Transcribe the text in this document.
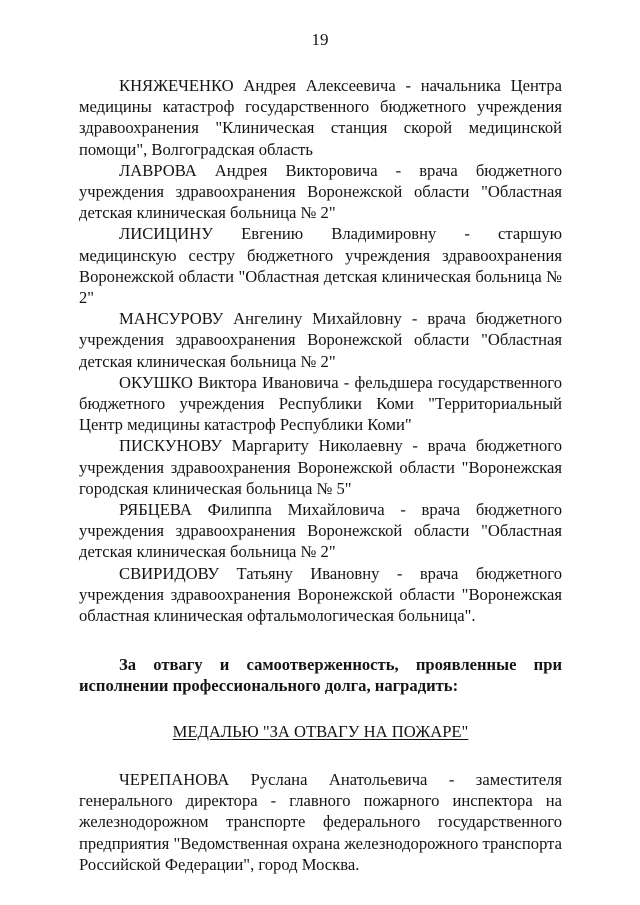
19

КНЯЖЕЧЕНКО Андрея Алексеевича - начальника Центра медицины катастроф государственного бюджетного учреждения здравоохранения "Клиническая станция скорой медицинской помощи", Волгоградская область

ЛАВРОВА Андрея Викторовича - врача бюджетного учреждения здравоохранения Воронежской области "Областная детская клиническая больница № 2"

ЛИСИЦИНУ Евгению Владимировну - старшую медицинскую сестру бюджетного учреждения здравоохранения Воронежской области "Областная детская клиническая больница № 2"

МАНСУРОВУ Ангелину Михайловну - врача бюджетного учреждения здравоохранения Воронежской области "Областная детская клиническая больница № 2"

ОКУШКО Виктора Ивановича - фельдшера государственного бюджетного учреждения Республики Коми "Территориальный Центр медицины катастроф Республики Коми"

ПИСКУНОВУ Маргариту Николаевну - врача бюджетного учреждения здравоохранения Воронежской области "Воронежская городская клиническая больница № 5"

РЯБЦЕВА Филиппа Михайловича - врача бюджетного учреждения здравоохранения Воронежской области "Областная детская клиническая больница № 2"

СВИРИДОВУ Татьяну Ивановну - врача бюджетного учреждения здравоохранения Воронежской области "Воронежская областная клиническая офтальмологическая больница".

За отвагу и самоотверженность, проявленные при исполнении профессионального долга, наградить:
МЕДАЛЬЮ "ЗА ОТВАГУ НА ПОЖАРЕ"

ЧЕРЕПАНОВА Руслана Анатольевича - заместителя генерального директора - главного пожарного инспектора на железнодорожном транспорте федерального государственного предприятия "Ведомственная охрана железнодорожного транспорта Российской Федерации", город Москва.
